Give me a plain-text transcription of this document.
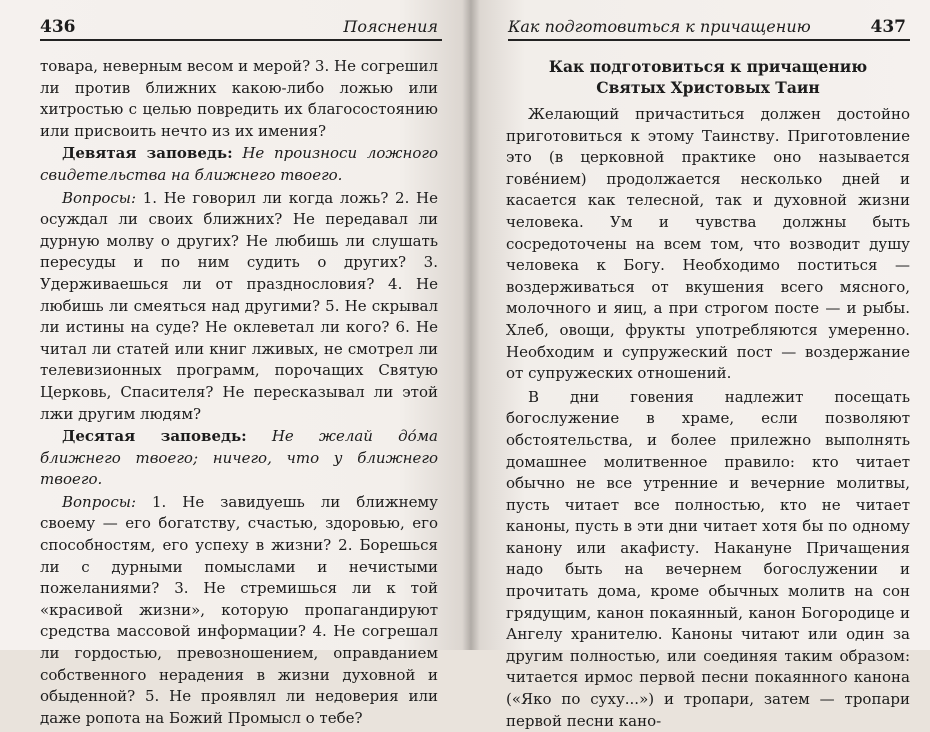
436	Пояснения

товара, неверным весом и мерой? 3. Не согрешил ли против ближних какою-либо ложью или хитростью с целью повредить их благосостоянию или присвоить нечто из их имения?

Девятая заповедь: Не произноси ложного свидетельства на ближнего твоего.

Вопросы: 1. Не говорил ли когда ложь? 2. Не осуждал ли своих ближних? Не передавал ли дурную молву о других? Не любишь ли слушать пересуды и по ним судить о других? 3. Удерживаешься ли от празднословия? 4. Не любишь ли смеяться над другими? 5. Не скрывал ли истины на суде? Не оклеветал ли кого? 6. Не читал ли статей или книг лживых, не смотрел ли телевизионных программ, порочащих Святую Церковь, Спасителя? Не пересказывал ли этой лжи другим людям?

Десятая заповедь: Не желай до́ма ближнего твоего; ничего, что у ближнего твоего.

Вопросы: 1. Не завидуешь ли ближнему своему — его богатству, счастью, здоровью, его способностям, его успеху в жизни? 2. Борешься ли с дурными помыслами и нечистыми пожеланиями? 3. Не стремишься ли к той «красивой жизни», которую пропагандируют средства массовой информации? 4. Не согрешал ли гордостью, превозношением, оправданием собственного нерадения в жизни духовной и обыденной? 5. Не проявлял ли недоверия или даже ропота на Божий Промысл о тебе?

Как подготовиться к причащению	437
Как подготовиться к причащению
Святых Христовых Таин

Желающий причаститься должен достойно приготовиться к этому Таинству. Приготовление это (в церковной практике оно называется гове́нием) продолжается несколько дней и касается как телесной, так и духовной жизни человека. Ум и чувства должны быть сосредоточены на всем том, что возводит душу человека к Богу. Необходимо поститься — воздерживаться от вкушения всего мясного, молочного и яиц, а при строгом посте — и рыбы. Хлеб, овощи, фрукты употребляются умеренно. Необходим и супружеский пост — воздержание от супружеских отношений.

В дни говения надлежит посещать богослужение в храме, если позволяют обстоятельства, и более прилежно выполнять домашнее молитвенное правило: кто читает обычно не все утренние и вечерние молитвы, пусть читает все полностью, кто не читает каноны, пусть в эти дни читает хотя бы по одному канону или акафисту. Накануне Причащения надо быть на вечернем богослужении и прочитать дома, кроме обычных молитв на сон грядущим, канон покаянный, канон Богородице и Ангелу хранителю. Каноны читают или один за другим полностью, или соединяя таким образом: читается ирмос первой песни покаянного канона («Яко по суху...») и тропари, затем — тропари первой песни кано-
